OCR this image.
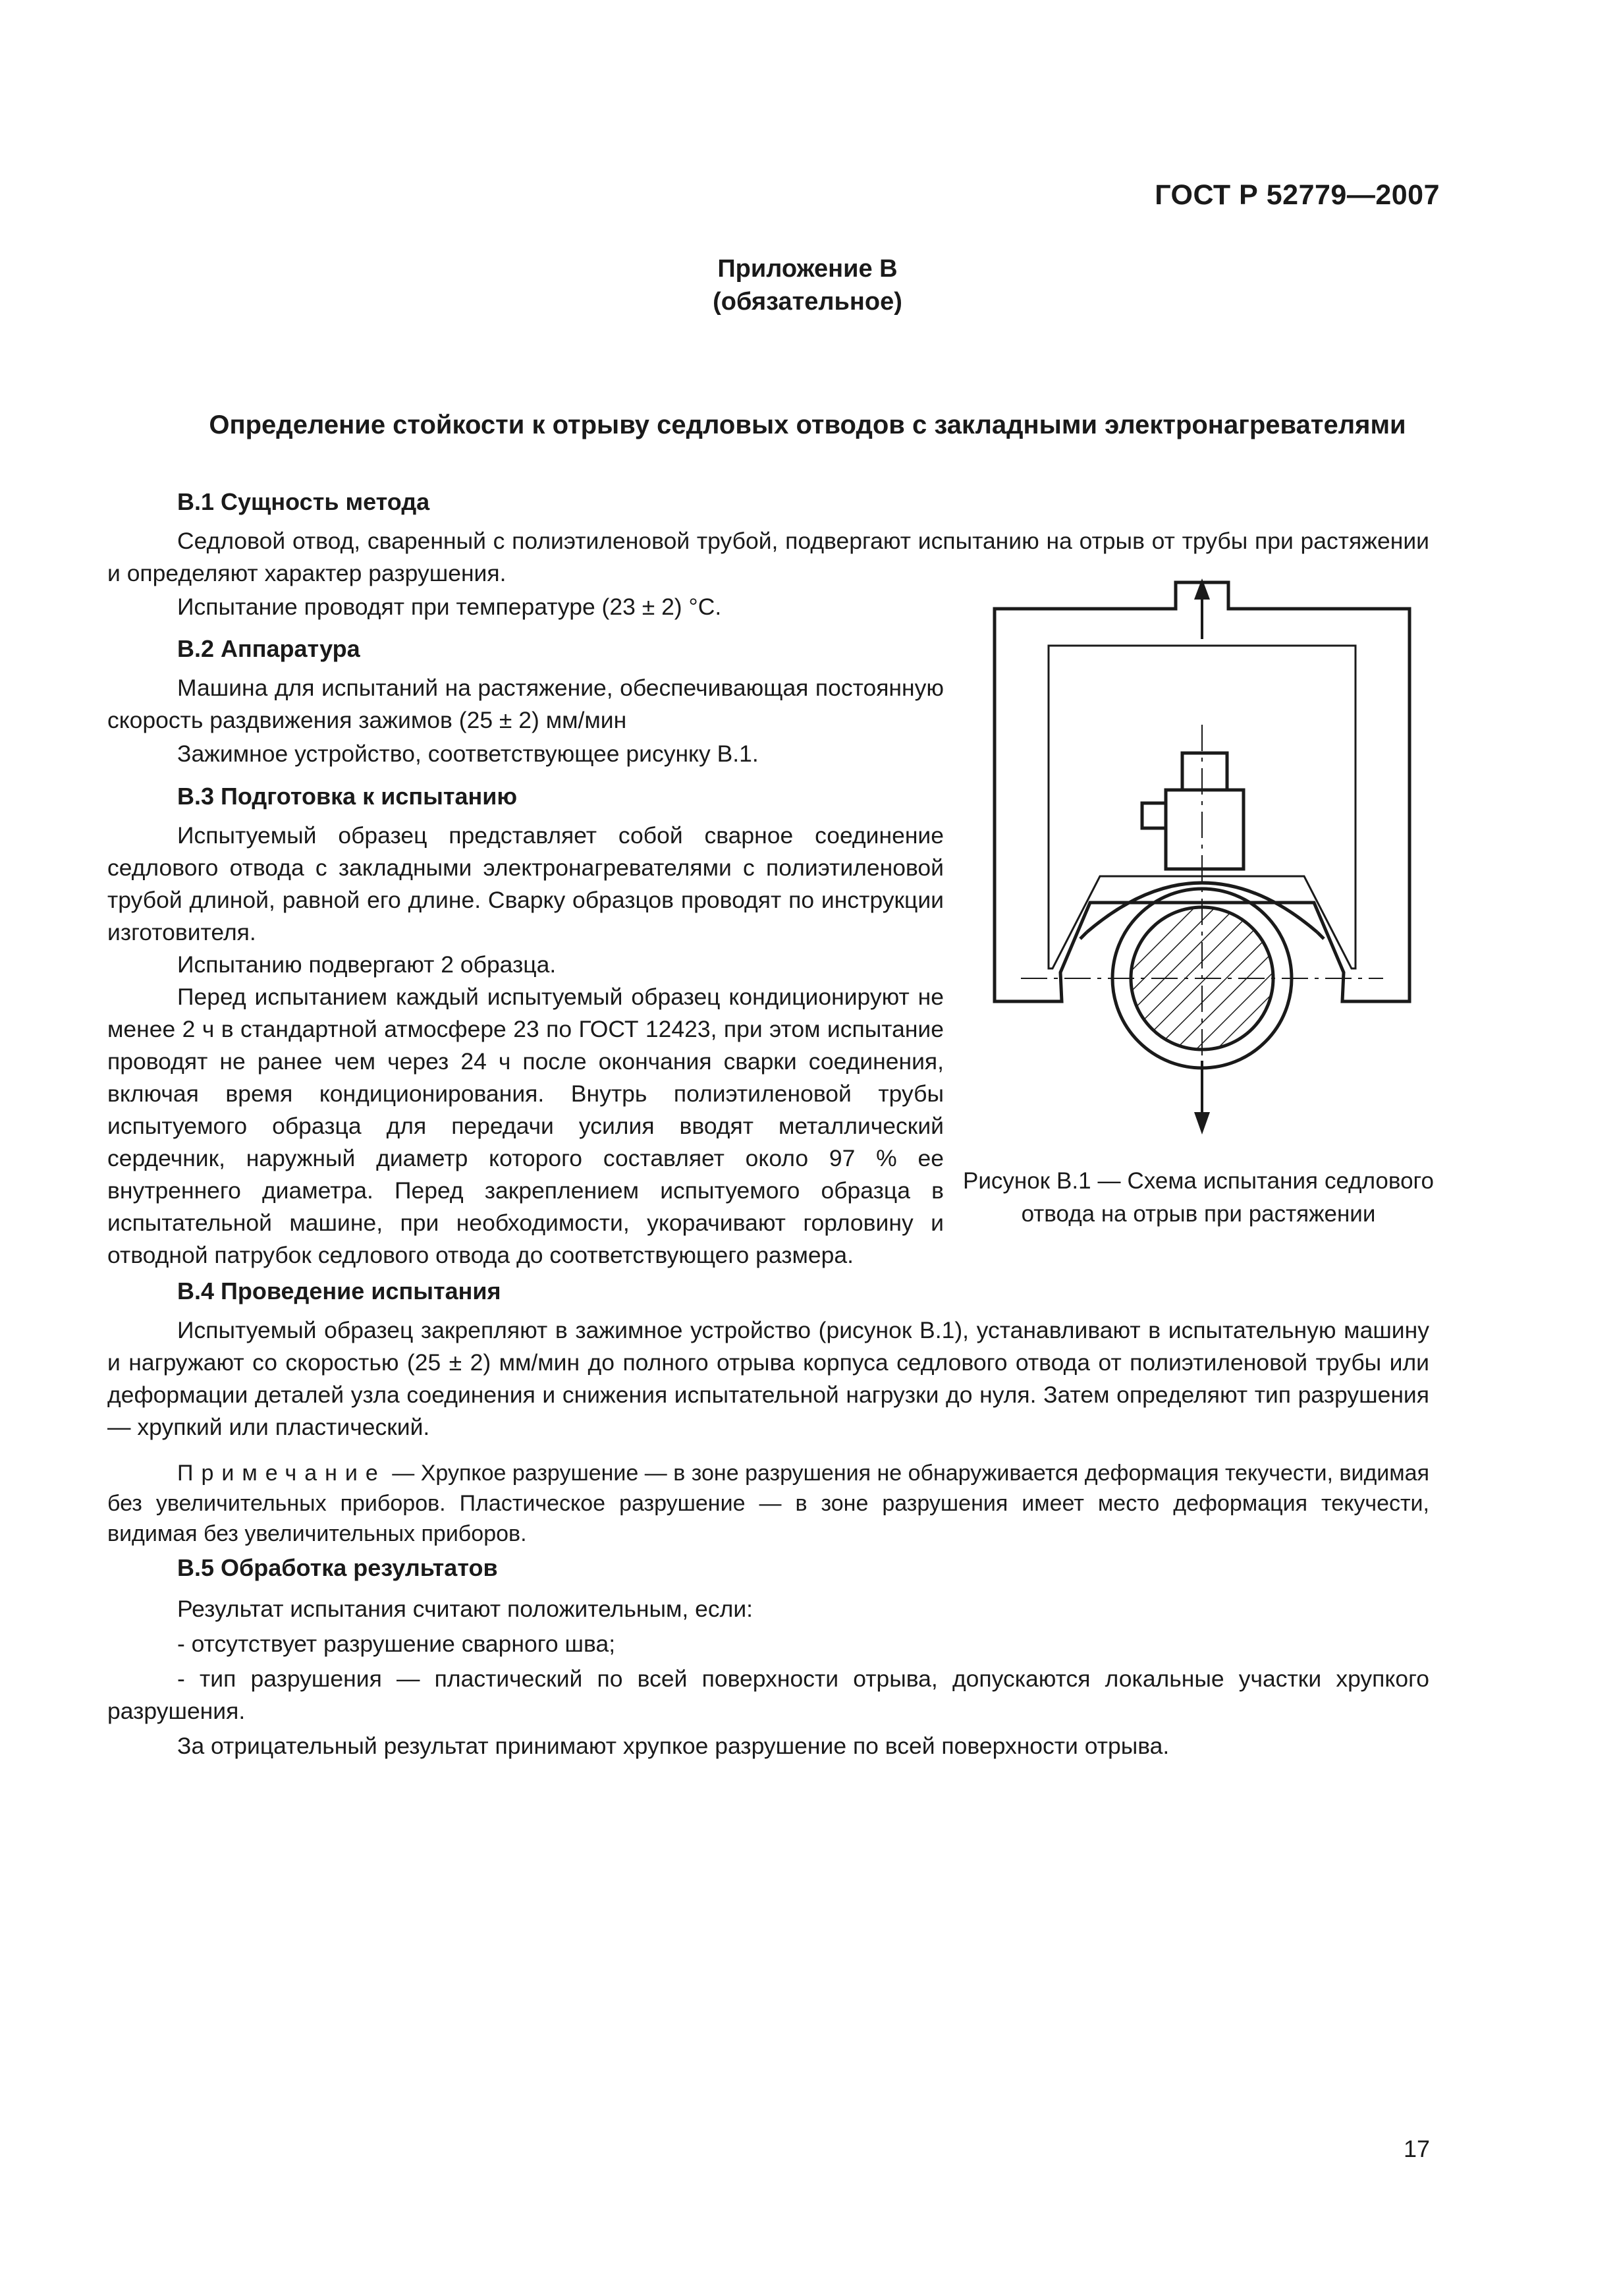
ГОСТ Р 52779—2007
Приложение В
(обязательное)
Определение стойкости к отрыву седловых отводов с закладными электронагревателями
В.1 Сущность метода

Седловой отвод, сваренный с полиэтиленовой трубой, подвергают испытанию на отрыв от трубы при растяжении и определяют характер разрушения.

Испытание проводят при температуре (23 ± 2) °С.

В.2 Аппаратура

Машина для испытаний на растяжение, обеспечивающая постоянную скорость раздвижения зажимов (25 ± 2) мм/мин

Зажимное устройство, соответствующее рисунку В.1.

В.3 Подготовка к испытанию

Испытуемый образец представляет собой сварное соединение седлового отвода с закладными электронагревателями с полиэтиленовой трубой длиной, равной его длине. Сварку образцов проводят по инструкции изготовителя.

Испытанию подвергают 2 образца.

Перед испытанием каждый испытуемый образец кондиционируют не менее 2 ч в стандартной атмосфере 23 по ГОСТ 12423, при этом испытание проводят не ранее чем через 24 ч после окончания сварки соединения, включая время кондиционирования. Внутрь полиэтиленовой трубы испытуемого образца для передачи усилия вводят металлический сердечник, наружный диаметр которого составляет около 97 % ее внутреннего диаметра. Перед закреплением испытуемого образца в испытательной машине, при необходимости, укорачивают горловину и отводной патрубок седлового отвода до соответствующего размера.

Рисунок В.1 — Схема испытания седлового отвода на отрыв при растяжении
В.4 Проведение испытания

Испытуемый образец закрепляют в зажимное устройство (рисунок В.1), устанавливают в испытательную машину и нагружают со скоростью (25 ± 2) мм/мин до полного отрыва корпуса седлового отвода от полиэтиленовой трубы или деформации деталей узла соединения и снижения испытательной нагрузки до нуля. Затем определяют тип разрушения — хрупкий или пластический.

Примечание — Хрупкое разрушение — в зоне разрушения не обнаруживается деформация текучести, видимая без увеличительных приборов. Пластическое разрушение — в зоне разрушения имеет место деформация текучести, видимая без увеличительных приборов.

В.5 Обработка результатов

Результат испытания считают положительным, если:

- отсутствует разрушение сварного шва;

- тип разрушения — пластический по всей поверхности отрыва, допускаются локальные участки хрупкого разрушения.

За отрицательный результат принимают хрупкое разрушение по всей поверхности отрыва.

17
